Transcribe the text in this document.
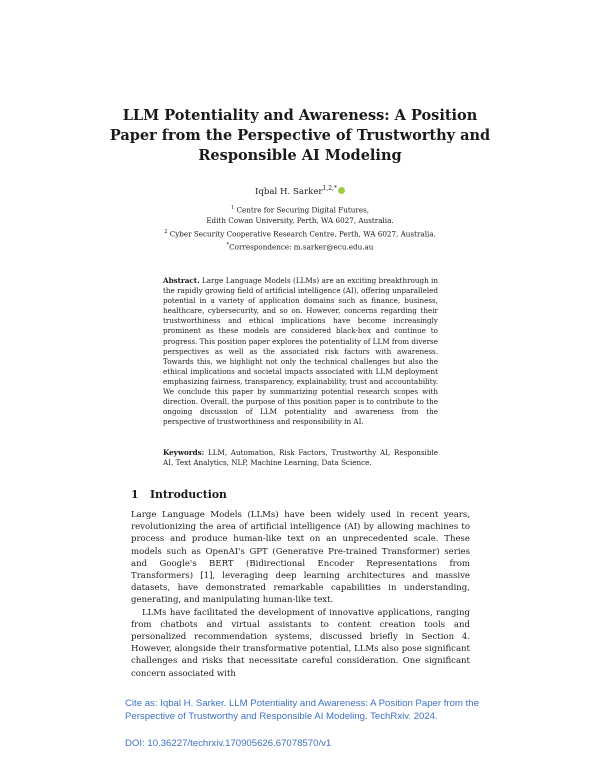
LLM Potentiality and Awareness: A Position Paper from the Perspective of Trustworthy and Responsible AI Modeling
Iqbal H. Sarker$^{1,2,*}$
$^1$ Centre for Securing Digital Futures,
Edith Cowan University, Perth, WA 6027, Australia.
$^2$ Cyber Security Cooperative Research Centre, Perth, WA 6027, Australia.
*Correspondence: m.sarker@ecu.edu.au
Abstract. Large Language Models (LLMs) are an exciting breakthrough in the rapidly growing field of artificial intelligence (AI), offering unparalleled potential in a variety of application domains such as finance, business, healthcare, cybersecurity, and so on. However, concerns regarding their trustworthiness and ethical implications have become increasingly prominent as these models are considered black-box and continue to progress. This position paper explores the potentiality of LLM from diverse perspectives as well as the associated risk factors with awareness. Towards this, we highlight not only the technical challenges but also the ethical implications and societal impacts associated with LLM deployment emphasizing fairness, transparency, explainability, trust and accountability. We conclude this paper by summarizing potential research scopes with direction. Overall, the purpose of this position paper is to contribute to the ongoing discussion of LLM potentiality and awareness from the perspective of trustworthiness and responsibility in AI.
Keywords: LLM, Automation, Risk Factors, Trustworthy AI, Responsible AI, Text Analytics, NLP, Machine Learning, Data Science.
1 Introduction

Large Language Models (LLMs) have been widely used in recent years, revolutionizing the area of artificial intelligence (AI) by allowing machines to process and produce human-like text on an unprecedented scale. These models such as OpenAI's GPT (Generative Pre-trained Transformer) series and Google's BERT (Bidirectional Encoder Representations from Transformers) [1], leveraging deep learning architectures and massive datasets, have demonstrated remarkable capabilities in understanding, generating, and manipulating human-like text.

LLMs have facilitated the development of innovative applications, ranging from chatbots and virtual assistants to content creation tools and personalized recommendation systems, discussed briefly in Section 4. However, alongside their transformative potential, LLMs also pose significant challenges and risks that necessitate careful consideration. One significant concern associated with

Cite as: Iqbal H. Sarker. LLM Potentiality and Awareness: A Position Paper from the Perspective of Trustworthy and Responsible AI Modeling. TechRxiv. 2024.
DOI: 10.36227/techrxiv.170905626.67078570/v1
